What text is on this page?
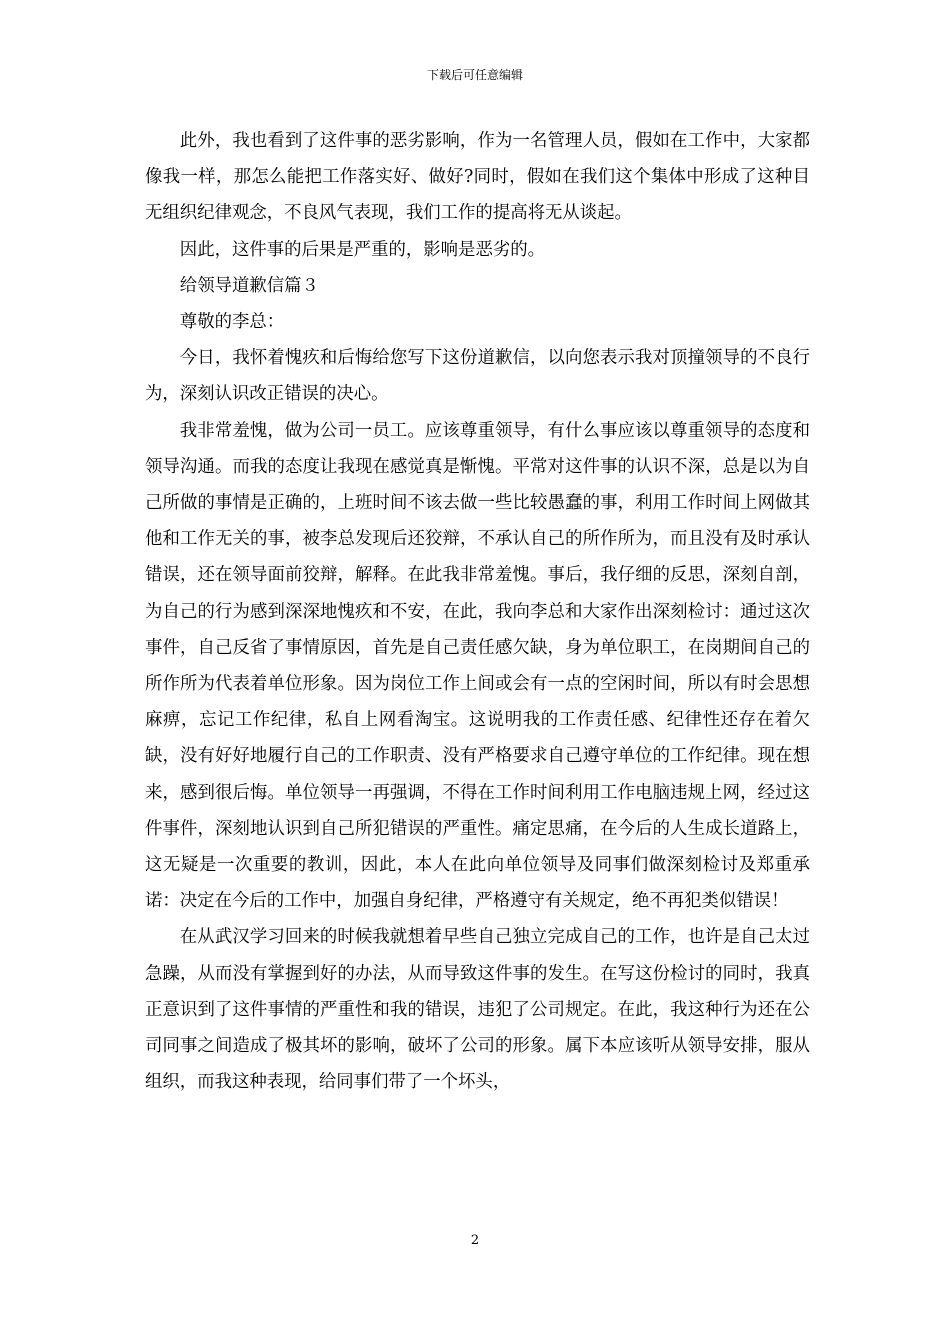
下载后可任意编辑

此外，我也看到了这件事的恶劣影响，作为一名管理人员，假如在工作中，大家都像我一样，那怎么能把工作落实好、做好?同时，假如在我们这个集体中形成了这种目无组织纪律观念，不良风气表现，我们工作的提高将无从谈起。

因此，这件事的后果是严重的，影响是恶劣的。

给领导道歉信篇３

尊敬的李总：

今日，我怀着愧疚和后悔给您写下这份道歉信，以向您表示我对顶撞领导的不良行为，深刻认识改正错误的决心。

我非常羞愧，做为公司一员工。应该尊重领导，有什么事应该以尊重领导的态度和领导沟通。而我的态度让我现在感觉真是惭愧。平常对这件事的认识不深，总是以为自己所做的事情是正确的，上班时间不该去做一些比较愚蠢的事，利用工作时间上网做其他和工作无关的事，被李总发现后还狡辩，不承认自己的所作所为，而且没有及时承认错误，还在领导面前狡辩，解释。在此我非常羞愧。事后，我仔细的反思，深刻自剖，为自己的行为感到深深地愧疚和不安，在此，我向李总和大家作出深刻检讨：通过这次事件，自己反省了事情原因，首先是自己责任感欠缺，身为单位职工，在岗期间自己的所作所为代表着单位形象。因为岗位工作上间或会有一点的空闲时间，所以有时会思想麻痹，忘记工作纪律，私自上网看淘宝。这说明我的工作责任感、纪律性还存在着欠缺，没有好好地履行自己的工作职责、没有严格要求自己遵守单位的工作纪律。现在想来，感到很后悔。单位领导一再强调，不得在工作时间利用工作电脑违规上网，经过这件事件，深刻地认识到自己所犯错误的严重性。痛定思痛，在今后的人生成长道路上，这无疑是一次重要的教训，因此，本人在此向单位领导及同事们做深刻检讨及郑重承诺：决定在今后的工作中，加强自身纪律，严格遵守有关规定，绝不再犯类似错误！

在从武汉学习回来的时候我就想着早些自己独立完成自己的工作，也许是自己太过急躁，从而没有掌握到好的办法，从而导致这件事的发生。在写这份检讨的同时，我真正意识到了这件事情的严重性和我的错误，违犯了公司规定。在此，我这种行为还在公司同事之间造成了极其坏的影响，破坏了公司的形象。属下本应该听从领导安排，服从组织，而我这种表现，给同事们带了一个坏头，

2
